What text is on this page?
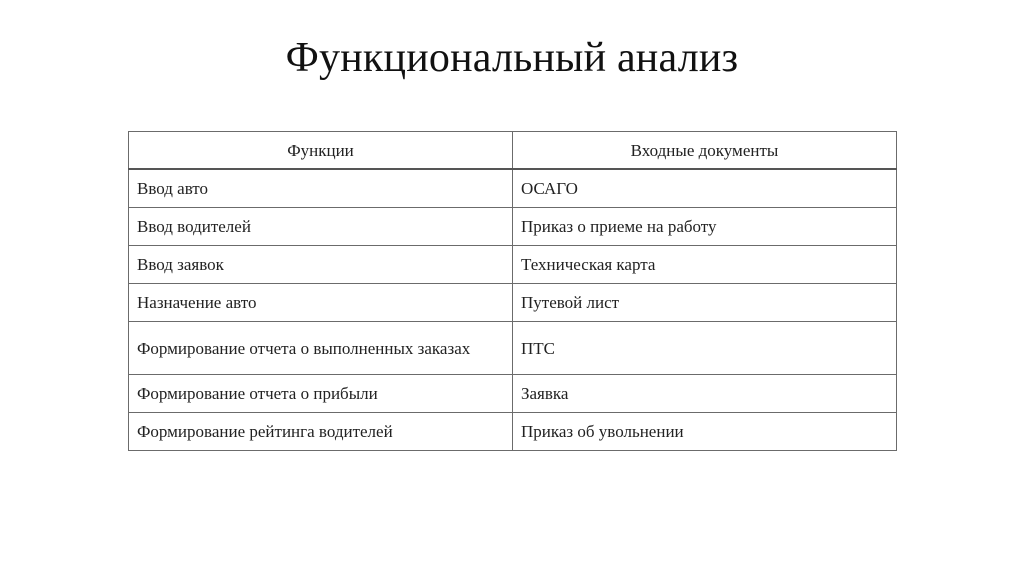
Функциональный анализ
Функции	Входные документы
Ввод авто	ОСАГО
Ввод водителей	Приказ о приеме на работу
Ввод заявок	Техническая карта
Назначение авто	Путевой лист
Формирование отчета о выполненных заказах	ПТС
Формирование отчета о прибыли	Заявка
Формирование рейтинга водителей	Приказ об увольнении
